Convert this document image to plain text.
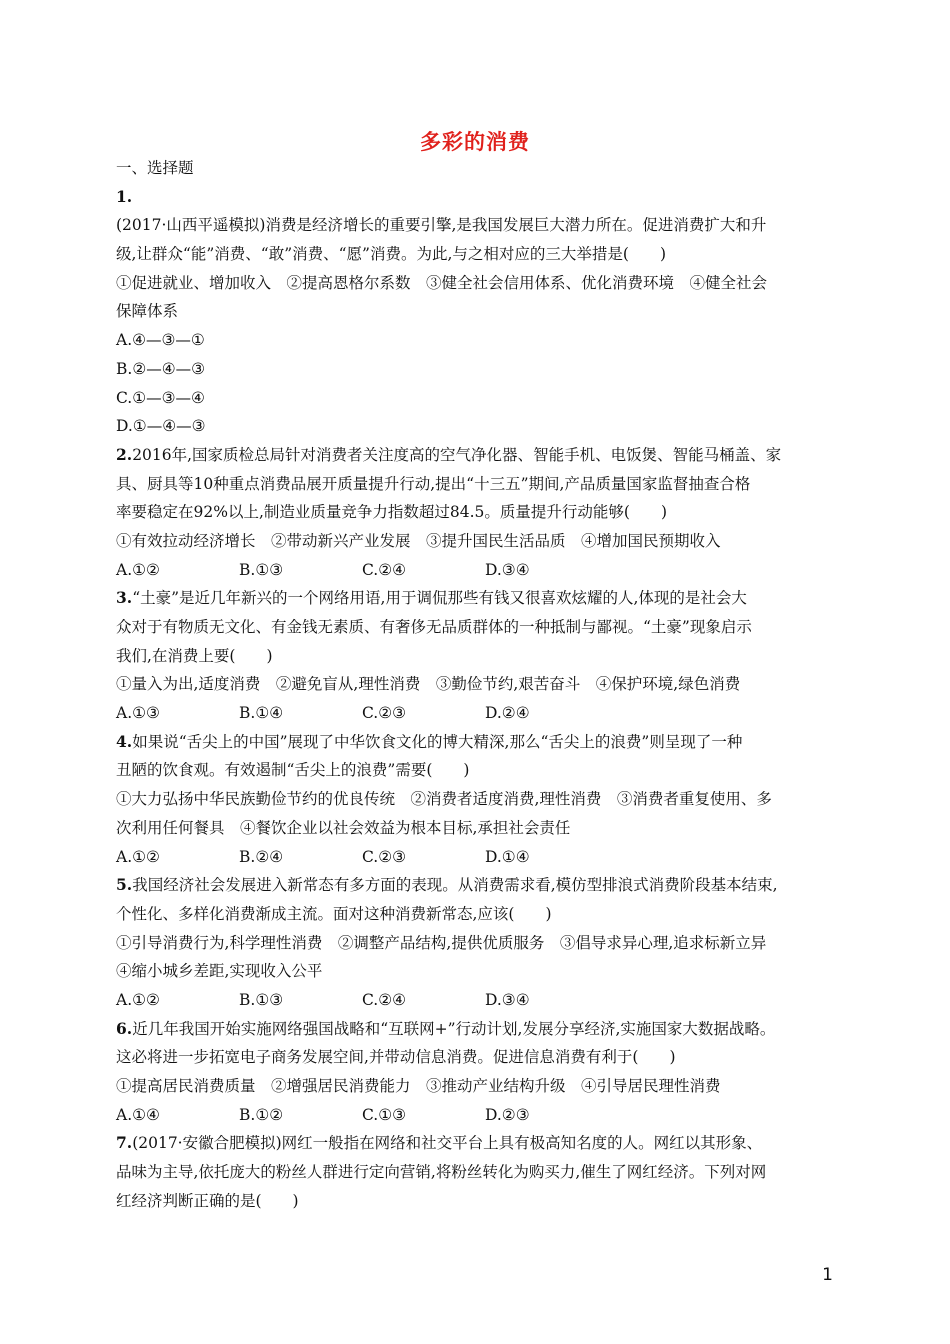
多彩的消费
一、选择题
1.
(2017·山西平遥模拟)消费是经济增长的重要引擎,是我国发展巨大潜力所在。促进消费扩大和升
级,让群众“能”消费、“敢”消费、“愿”消费。为此,与之相对应的三大举措是(　　)
①促进就业、增加收入　②提高恩格尔系数　③健全社会信用体系、优化消费环境　④健全社会
保障体系
A.④—③—①
B.②—④—③
C.①—③—④
D.①—④—③
2.2016年,国家质检总局针对消费者关注度高的空气净化器、智能手机、电饭煲、智能马桶盖、家
具、厨具等10种重点消费品展开质量提升行动,提出“十三五”期间,产品质量国家监督抽查合格
率要稳定在92%以上,制造业质量竞争力指数超过84.5。质量提升行动能够(　　)
①有效拉动经济增长　②带动新兴产业发展　③提升国民生活品质　④增加国民预期收入
A.①②	B.①③	C.②④	D.③④
3.“土豪”是近几年新兴的一个网络用语,用于调侃那些有钱又很喜欢炫耀的人,体现的是社会大
众对于有物质无文化、有金钱无素质、有奢侈无品质群体的一种抵制与鄙视。“土豪”现象启示
我们,在消费上要(　　)
①量入为出,适度消费　②避免盲从,理性消费　③勤俭节约,艰苦奋斗　④保护环境,绿色消费
A.①③	B.①④	C.②③	D.②④
4.如果说“舌尖上的中国”展现了中华饮食文化的博大精深,那么“舌尖上的浪费”则呈现了一种
丑陋的饮食观。有效遏制“舌尖上的浪费”需要(　　)
①大力弘扬中华民族勤俭节约的优良传统　②消费者适度消费,理性消费　③消费者重复使用、多
次利用任何餐具　④餐饮企业以社会效益为根本目标,承担社会责任
A.①②	B.②④	C.②③	D.①④
5.我国经济社会发展进入新常态有多方面的表现。从消费需求看,模仿型排浪式消费阶段基本结束,
个性化、多样化消费渐成主流。面对这种消费新常态,应该(　　)
①引导消费行为,科学理性消费　②调整产品结构,提供优质服务　③倡导求异心理,追求标新立异
④缩小城乡差距,实现收入公平
A.①②	B.①③	C.②④	D.③④
6.近几年我国开始实施网络强国战略和“互联网+”行动计划,发展分享经济,实施国家大数据战略。
这必将进一步拓宽电子商务发展空间,并带动信息消费。促进信息消费有利于(　　)
①提高居民消费质量　②增强居民消费能力　③推动产业结构升级　④引导居民理性消费
A.①④	B.①②	C.①③	D.②③
7.(2017·安徽合肥模拟)网红一般指在网络和社交平台上具有极高知名度的人。网红以其形象、
品味为主导,依托庞大的粉丝人群进行定向营销,将粉丝转化为购买力,催生了网红经济。下列对网
红经济判断正确的是(　　)
1
